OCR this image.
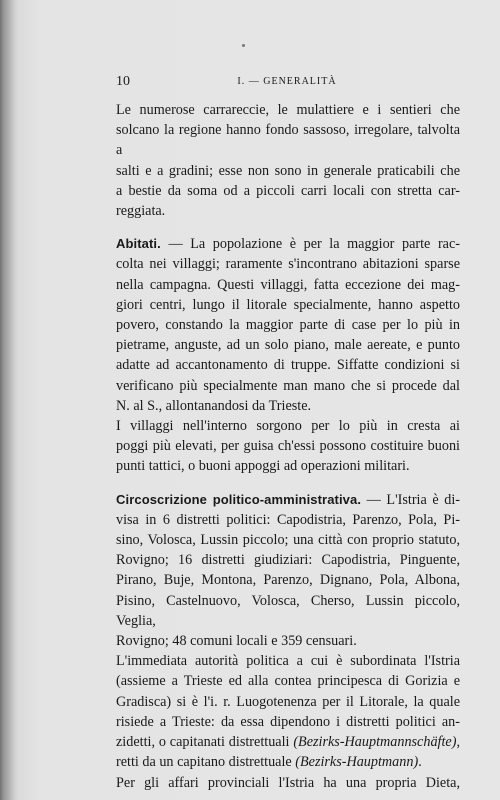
10	I. — GENERALITÀ

Le numerose carrareccie, le mulattiere e i sentieri che
solcano la regione hanno fondo sassoso, irregolare, talvolta a
salti e a gradini; esse non sono in generale praticabili che
a bestie da soma od a piccoli carri locali con stretta car-
reggiata.

Abitati. — La popolazione è per la maggior parte rac-
colta nei villaggi; raramente s'incontrano abitazioni sparse
nella campagna. Questi villaggi, fatta eccezione dei mag-
giori centri, lungo il litorale specialmente, hanno aspetto
povero, constando la maggior parte di case per lo più in
pietrame, anguste, ad un solo piano, male aereate, e punto
adatte ad accantonamento di truppe. Siffatte condizioni si
verificano più specialmente man mano che si procede dal
N. al S., allontanandosi da Trieste.

I villaggi nell'interno sorgono per lo più in cresta ai
poggi più elevati, per guisa ch'essi possono costituire buoni
punti tattici, o buoni appoggi ad operazioni militari.

Circoscrizione politico-amministrativa. — L'Istria è di-
visa in 6 distretti politici: Capodistria, Parenzo, Pola, Pi-
sino, Volosca, Lussin piccolo; una città con proprio statuto,
Rovigno; 16 distretti giudiziari: Capodistria, Pinguente,
Pirano, Buje, Montona, Parenzo, Dignano, Pola, Albona,
Pisino, Castelnuovo, Volosca, Cherso, Lussin piccolo, Veglia,
Rovigno; 48 comuni locali e 359 censuari.

L'immediata autorità politica a cui è subordinata l'Istria
(assieme a Trieste ed alla contea principesca di Gorizia e
Gradisca) si è l'i. r. Luogotenenza per il Litorale, la quale
risiede a Trieste: da essa dipendono i distretti politici an-
zidetti, o capitanati distrettuali (Bezirks-Hauptmannschäfte),
retti da un capitano distrettuale (Bezirks-Hauptmann).

Per gli affari provinciali l'Istria ha una propria Dieta,
